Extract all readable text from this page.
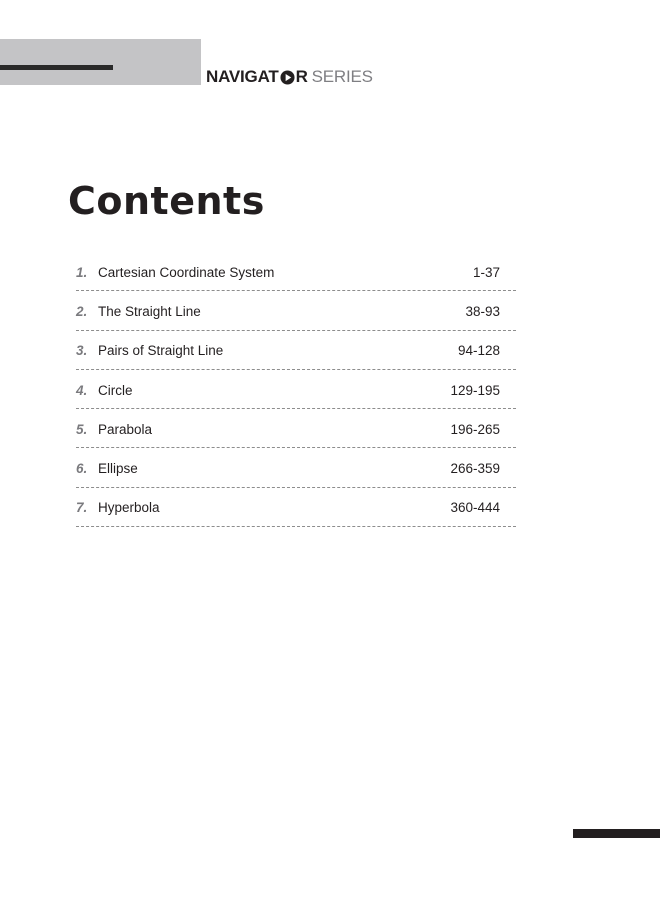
NAVIGAT R SERIES
Contents
1. Cartesian Coordinate System	1-37
2. The Straight Line	38-93
3. Pairs of Straight Line	94-128
4. Circle	129-195
5. Parabola	196-265
6. Ellipse	266-359
7. Hyperbola	360-444
